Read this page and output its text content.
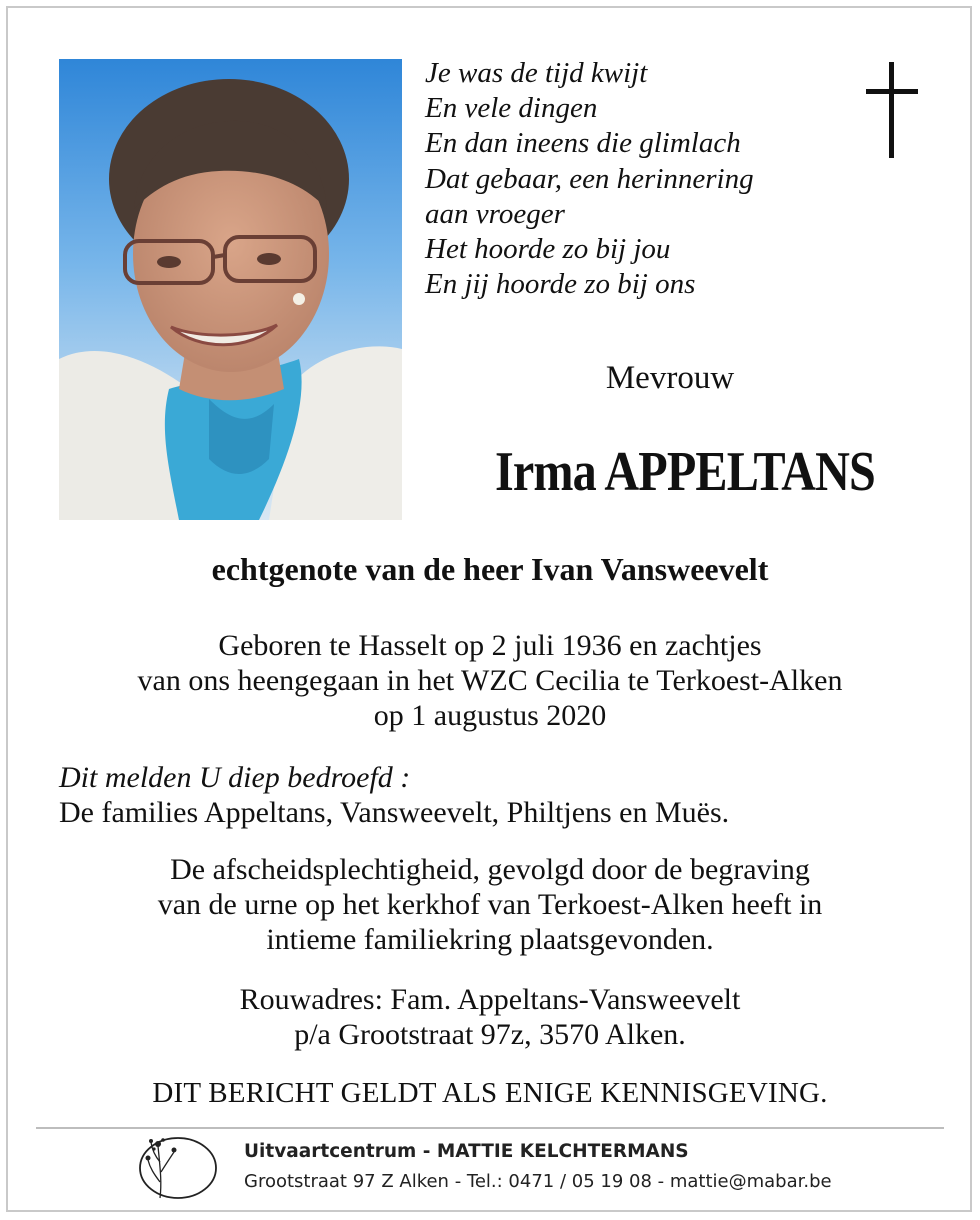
Je was de tijd kwijt
En vele dingen
En dan ineens die glimlach
Dat gebaar, een herinnering
aan vroeger
Het hoorde zo bij jou
En jij hoorde zo bij ons
Mevrouw
Irma APPELTANS
echtgenote van de heer Ivan Vansweevelt
Geboren te Hasselt op 2 juli 1936 en zachtjes
van ons heengegaan in het WZC Cecilia te Terkoest-Alken
op 1 augustus 2020
Dit melden U diep bedroefd :
De families Appeltans, Vansweevelt, Philtjens en Muës.
De afscheidsplechtigheid, gevolgd door de begraving
van de urne op het kerkhof van Terkoest-Alken heeft in
intieme familiekring plaatsgevonden.
Rouwadres: Fam. Appeltans-Vansweevelt
p/a Grootstraat 97z, 3570 Alken.
DIT BERICHT GELDT ALS ENIGE KENNISGEVING.
Uitvaartcentrum - MATTIE KELCHTERMANS
Grootstraat 97 Z Alken - Tel.: 0471 / 05 19 08 - mattie@mabar.be
